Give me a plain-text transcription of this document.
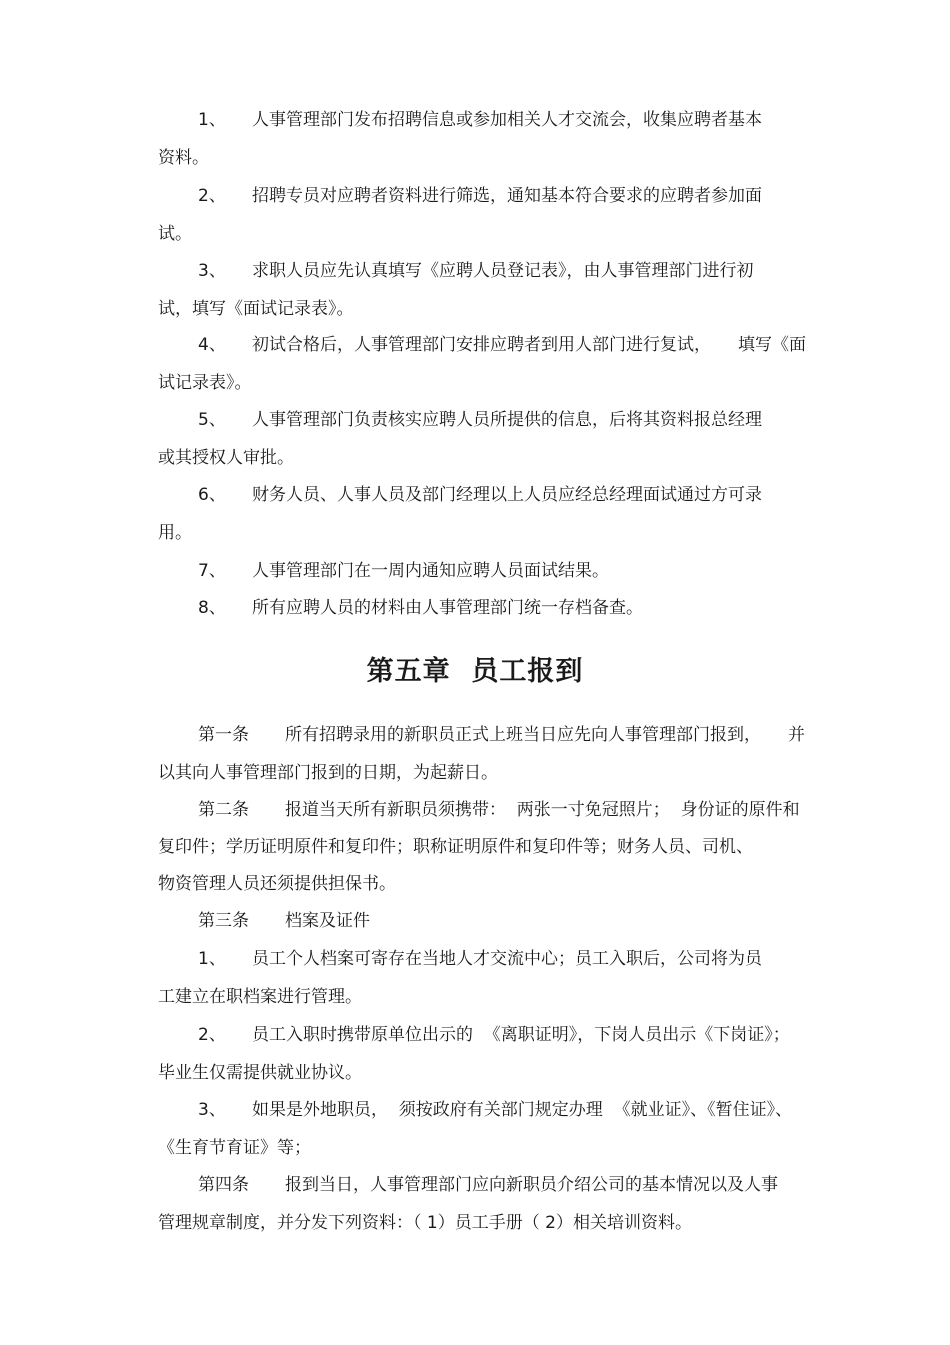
1、 人事管理部门发布招聘信息或参加相关人才交流会，收集应聘者基本
资料。
2、 招聘专员对应聘者资料进行筛选，通知基本符合要求的应聘者参加面
试。
3、 求职人员应先认真填写《应聘人员登记表》，由人事管理部门进行初
试，填写《面试记录表》。
4、 初试合格后，人事管理部门安排应聘者到用人部门进行复试，     填写《面
试记录表》。
5、 人事管理部门负责核实应聘人员所提供的信息，后将其资料报总经理
或其授权人审批。
6、 财务人员、人事人员及部门经理以上人员应经总经理面试通过方可录
用。
7、 人事管理部门在一周内通知应聘人员面试结果。
8、 所有应聘人员的材料由人事管理部门统一存档备查。
第五章  员工报到
第一条 所有招聘录用的新职员正式上班当日应先向人事管理部门报到，     并
以其向人事管理部门报到的日期，为起薪日。
第二条 报道当天所有新职员须携带：  两张一寸免冠照片；  身份证的原件和
复印件；学历证明原件和复印件；职称证明原件和复印件等；财务人员、司机、
物资管理人员还须提供担保书。
第三条 档案及证件
1、 员工个人档案可寄存在当地人才交流中心；员工入职后，公司将为员
工建立在职档案进行管理。
2、 员工入职时携带原单位出示的  《离职证明》，下岗人员出示《下岗证》；
毕业生仅需提供就业协议。
3、 如果是外地职员，  须按政府有关部门规定办理  《就业证》、《暂住证》、
《生育节育证》等；
第四条 报到当日，人事管理部门应向新职员介绍公司的基本情况以及人事
管理规章制度，并分发下列资料：（ 1）员工手册（ 2）相关培训资料。
